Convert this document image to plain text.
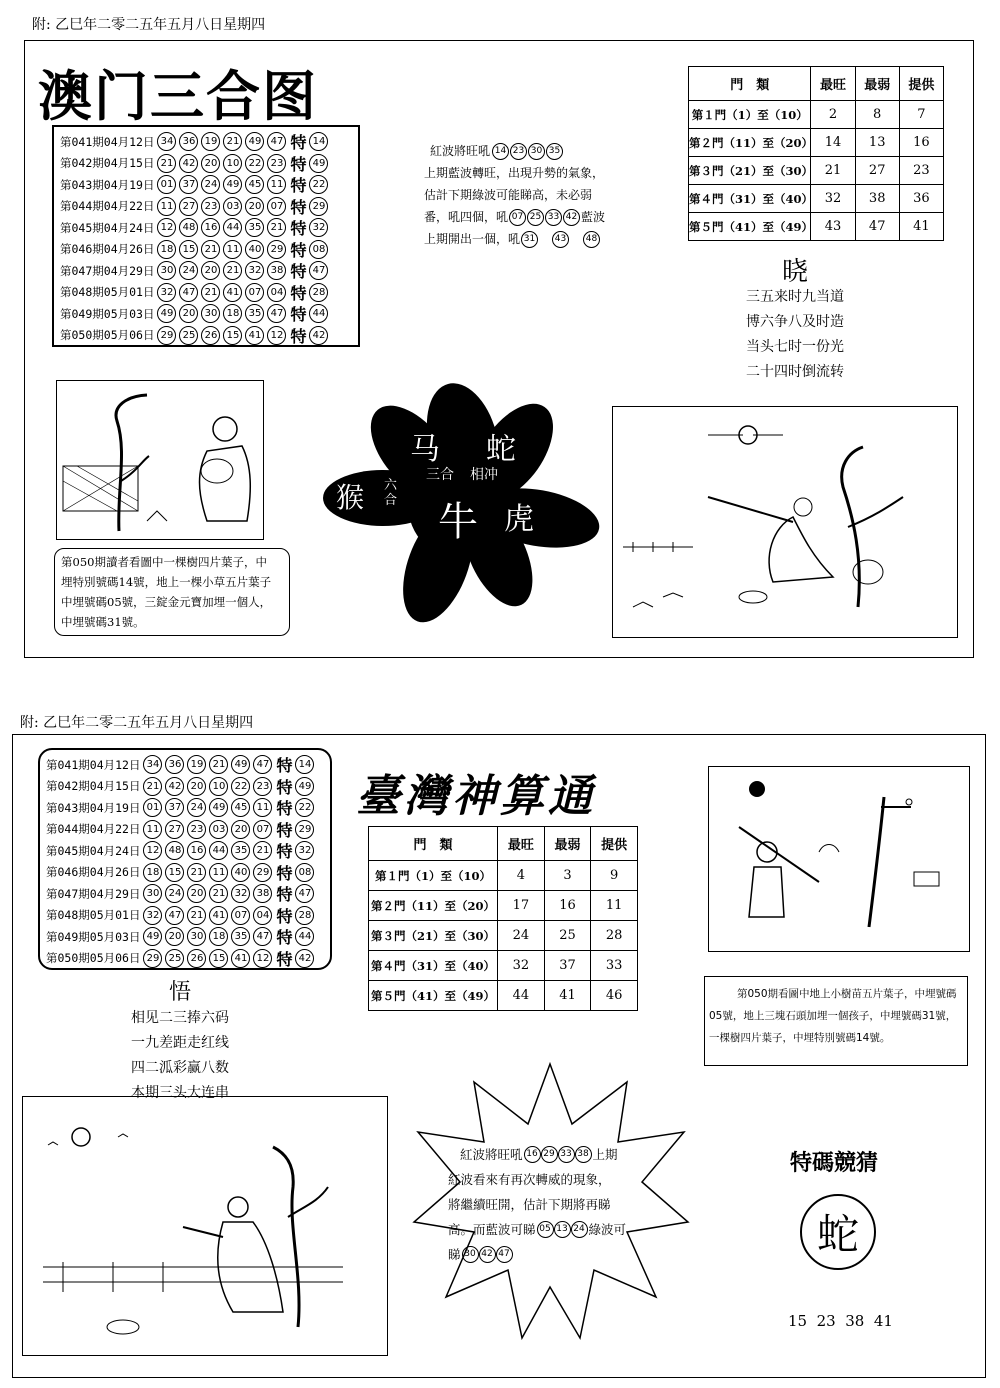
附: 乙巳年二零二五年五月八日星期四
澳门三合图
第041期04月12日 34 36 19 21 49 47 特 14
第042期04月15日 21 42 20 10 22 23 特 49
第043期04月19日 01 37 24 49 45 11 特 22
第044期04月22日 11 27 23 03 20 07 特 29
第045期04月24日 12 48 16 44 35 21 特 32
第046期04月26日 18 15 21 11 40 29 特 08
第047期04月29日 30 24 20 21 32 38 特 47
第048期05月01日 32 47 21 41 07 04 特 28
第049期05月03日 49 20 30 18 35 47 特 44
第050期05月06日 29 25 26 15 41 12 特 42
紅波將旺吼 14 23 30 35
上期藍波轉旺，出現升勢的氣象，
估計下期綠波可能睇高，未必弱
番，吼四個，吼 07 25 33 42 藍波
上期開出一個，吼 31	43	48
門　類	最旺	最弱	提供
第１門（1）至（10）	2	8	7
第２門（11）至（20）	14	13	16
第３門（21）至（30）	21	27	23
第４門（31）至（40）	32	38	36
第５門（41）至（49）	43	47	41
晓
三五来时九当道
博六争八及时造
当头七时一份光
二十四时倒流转
马 蛇
三合 相冲
猴 六合 牛 虎
第050期讀者看圖中一棵樹四片葉子，中
埋特別號碼14號，地上一棵小草五片葉子
中埋號碼05號，三錠金元寶加埋一個人，
中埋號碼31號。
附: 乙巳年二零二五年五月八日星期四
第041期04月12日 34 36 19 21 49 47 特 14
第042期04月15日 21 42 20 10 22 23 特 49
第043期04月19日 01 37 24 49 45 11 特 22
第044期04月22日 11 27 23 03 20 07 特 29
第045期04月24日 12 48 16 44 35 21 特 32
第046期04月26日 18 15 21 11 40 29 特 08
第047期04月29日 30 24 20 21 32 38 特 47
第048期05月01日 32 47 21 41 07 04 特 28
第049期05月03日 49 20 30 18 35 47 特 44
第050期05月06日 29 25 26 15 41 12 特 42
臺灣神算通
門　類	最旺	最弱	提供
第１門（1）至（10）	4	3	9
第２門（11）至（20）	17	16	11
第３門（21）至（30）	24	25	28
第４門（31）至（40）	32	37	33
第５門（41）至（49）	44	41	46
悟
相见二三捧六码
一九差距走红线
四二泒彩赢八数
本期三头大连串
第050期看圖中地上小樹苗五片葉子，中埋號碼
05號，地上三塊石頭加埋一個孩子，中埋號碼31號，
一棵樹四片葉子，中埋特別號碼14號。
紅波將旺吼 16 29 33 38 上期
紅波看來有再次轉威的現象，
將繼續旺開，估計下期將再睇
高。而藍波可睇 05 13 24 綠波可
睇 30 42 47
特碼競猜
蛇
15  23  38  41
